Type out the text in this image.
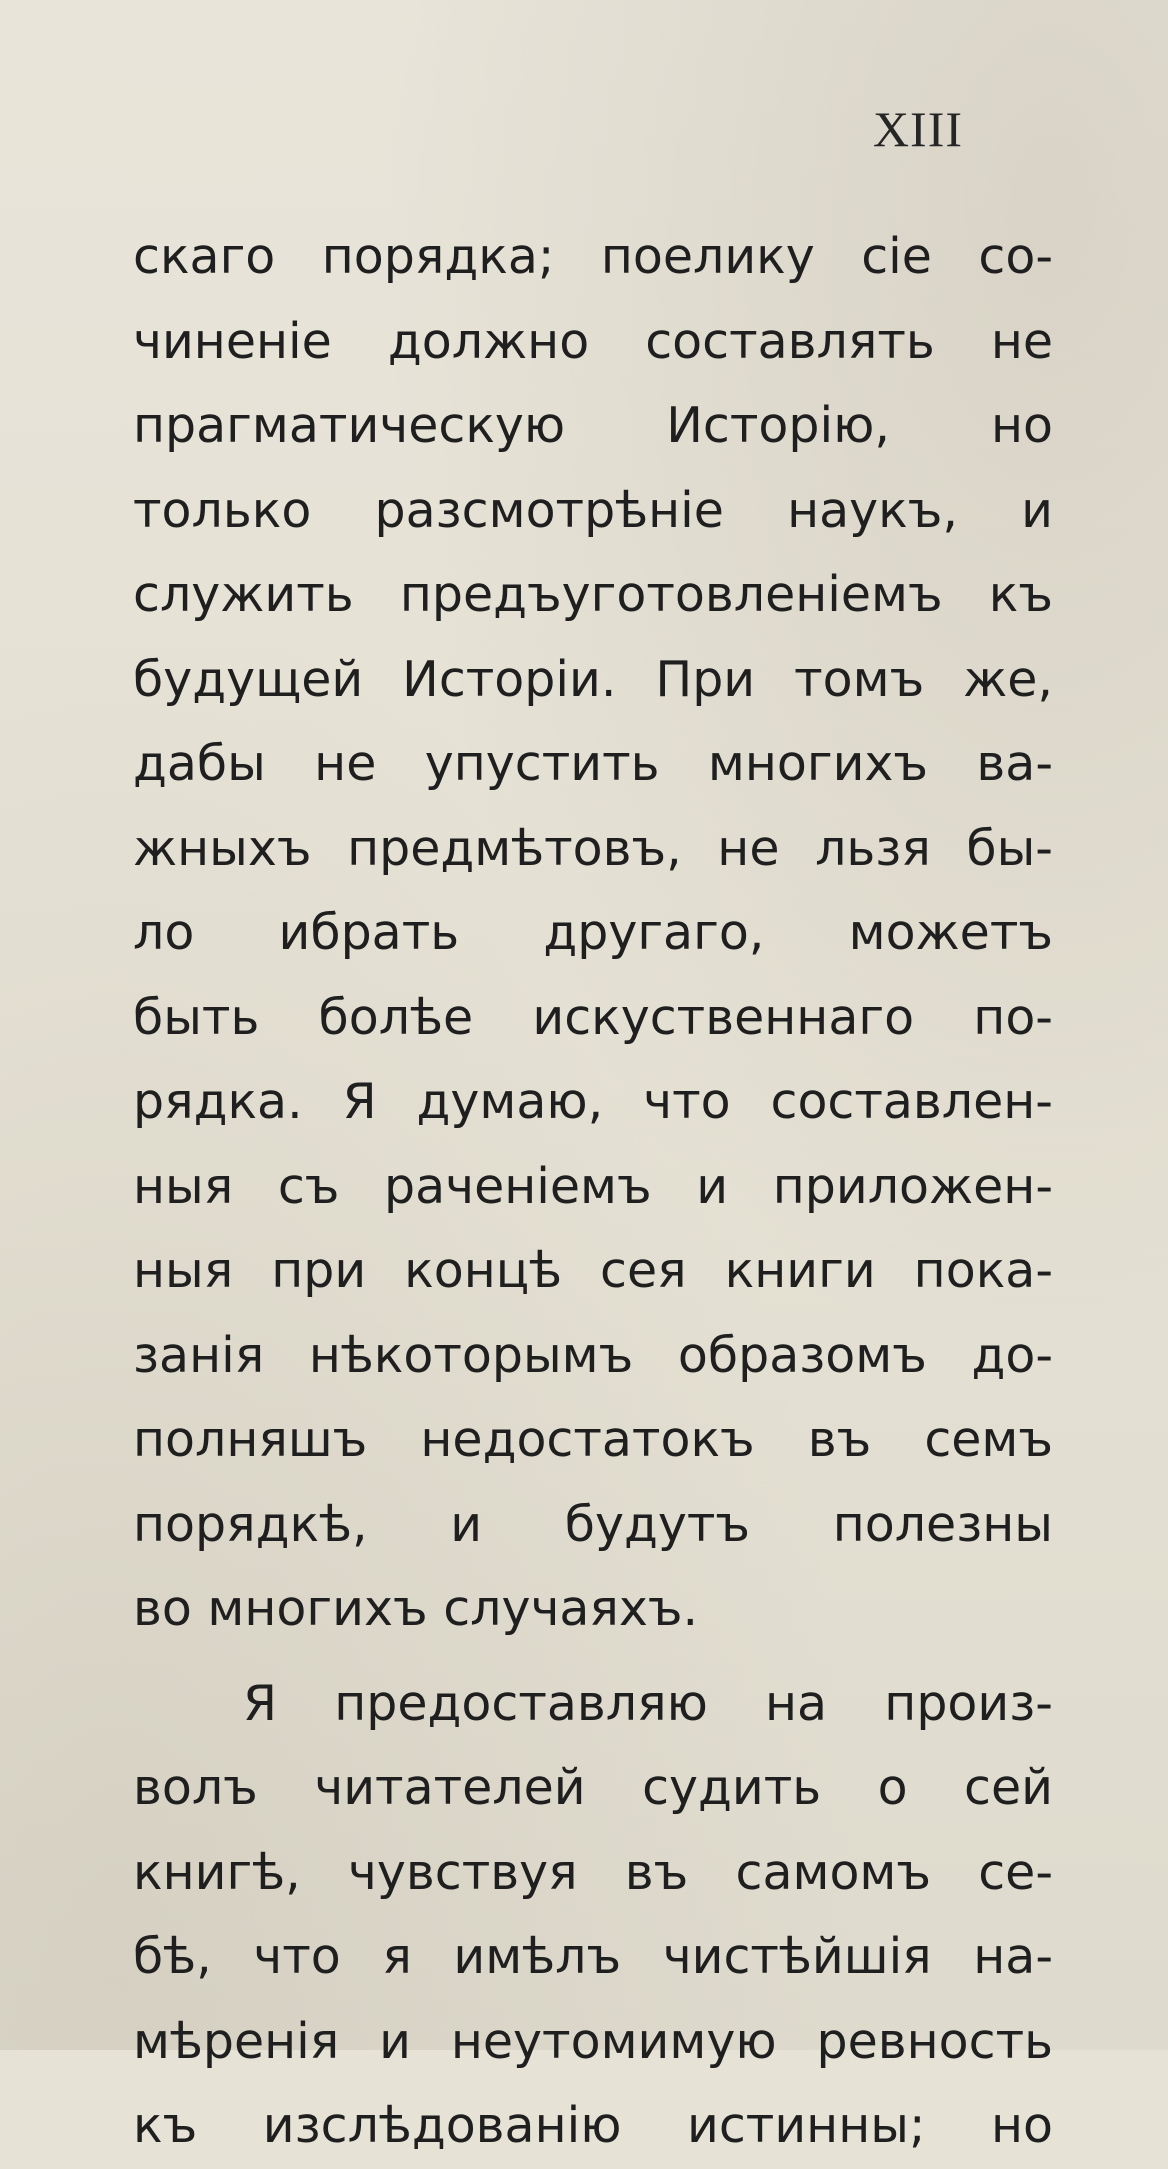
XIII
скаго порядка; поелику сіе со-
чиненіе должно составлять не
прагматическую Исторію, но
только разсмотрѣніе наукъ, и
служить предъуготовленіемъ къ
будущей Исторіи. При томъ же,
дабы не упустить многихъ ва-
жныхъ предмѣтовъ, не льзя бы-
ло ибрать другаго, можетъ
быть болѣе искуственнаго по-
рядка. Я думаю, что составлен-
ныя съ раченіемъ и приложен-
ныя при концѣ сея книги пока-
занія нѣкоторымъ образомъ до-
полняшъ недостатокъ въ семъ
порядкѣ, и будутъ полезны
во многихъ случаяхъ.
Я предоставляю на произ-
волъ читателей судить о сей
книгѣ, чувствуя въ самомъ се-
бѣ, что я имѣлъ чистѣйшія на-
мѣренія и неутомимую ревность
къ изслѣдованію истинны; но
